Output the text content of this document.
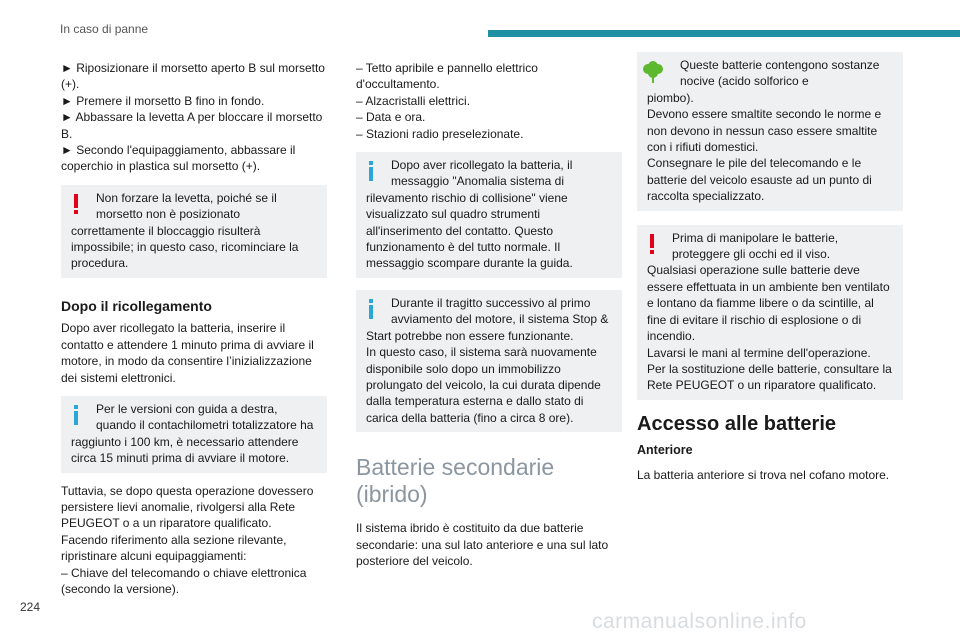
In caso di panne

► Riposizionare il morsetto aperto B sul morsetto (+).

► Premere il morsetto B fino in fondo.

► Abbassare la levetta A per bloccare il morsetto B.

► Secondo l'equipaggiamento, abbassare il coperchio in plastica sul morsetto (+).

Non forzare la levetta, poiché se il morsetto non è posizionato

correttamente il bloccaggio risulterà impossibile; in questo caso, ricominciare la procedura.

Dopo il ricollegamento

Dopo aver ricollegato la batteria, inserire il contatto e attendere 1 minuto prima di avviare il motore, in modo da consentire l’inizializzazione dei sistemi elettronici.

Per le versioni con guida a destra, quando il contachilometri totalizzatore ha

raggiunto i 100 km, è necessario attendere circa 15 minuti prima di avviare il motore.

Tuttavia, se dopo questa operazione dovessero persistere lievi anomalie, rivolgersi alla Rete PEUGEOT o a un riparatore qualificato.

Facendo riferimento alla sezione rilevante, ripristinare alcuni equipaggiamenti:

– Chiave del telecomando o chiave elettronica (secondo la versione).

– Tetto apribile e pannello elettrico d'occultamento.

– Alzacristalli elettrici.

– Data e ora.

– Stazioni radio preselezionate.

Dopo aver ricollegato la batteria, il messaggio "Anomalia sistema di

rilevamento rischio di collisione" viene visualizzato sul quadro strumenti all'inserimento del contatto. Questo funzionamento è del tutto normale. Il messaggio scompare durante la guida.

Durante il tragitto successivo al primo avviamento del motore, il sistema Stop &

Start potrebbe non essere funzionante.

In questo caso, il sistema sarà nuovamente disponibile solo dopo un immobilizzo prolungato del veicolo, la cui durata dipende dalla temperatura esterna e dallo stato di carica della batteria (fino a circa 8 ore).

Batterie secondarie (ibrido)

Il sistema ibrido è costituito da due batterie secondarie: una sul lato anteriore e una sul lato posteriore del veicolo.

Queste batterie contengono sostanze nocive (acido solforico e

piombo).

Devono essere smaltite secondo le norme e non devono in nessun caso essere smaltite con i rifiuti domestici.

Consegnare le pile del telecomando e le batterie del veicolo esauste ad un punto di raccolta specializzato.

Prima di manipolare le batterie, proteggere gli occhi ed il viso.

Qualsiasi operazione sulle batterie deve essere effettuata in un ambiente ben ventilato e lontano da fiamme libere o da scintille, al fine di evitare il rischio di esplosione o di incendio.

Lavarsi le mani al termine dell'operazione.

Per la sostituzione delle batterie, consultare la Rete PEUGEOT o un riparatore qualificato.

Accesso alle batterie

Anteriore

La batteria anteriore si trova nel cofano motore.

224
carmanualsonline.info
